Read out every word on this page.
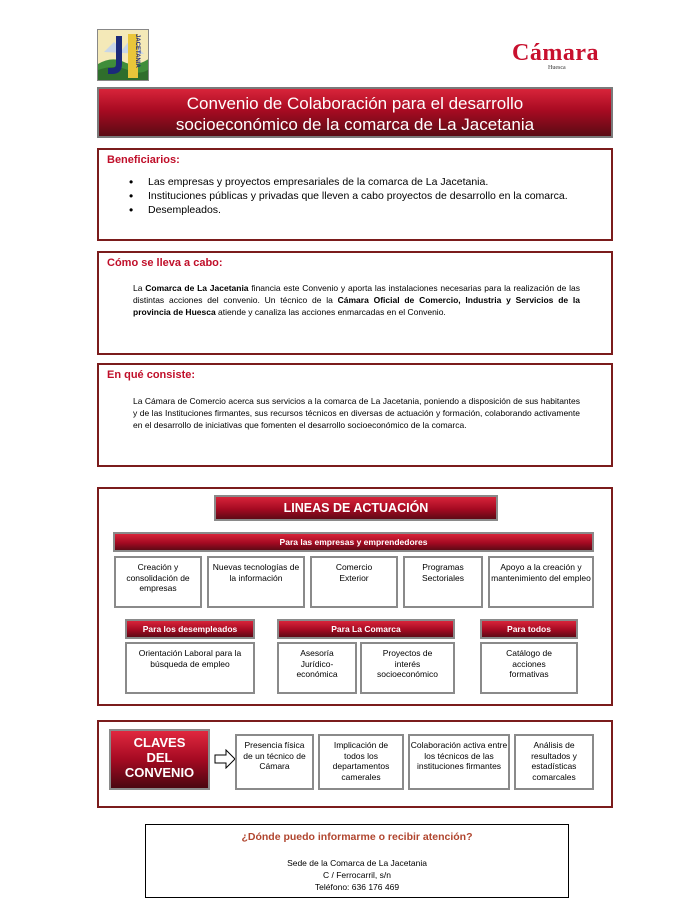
JACETANIA	Cámara
Huesca
Convenio de Colaboración para el desarrollo
socioeconómico de la comarca de La Jacetania
Beneficiarios:
• Las empresas y proyectos empresariales de la comarca de La Jacetania.
• Instituciones públicas y privadas que lleven a cabo proyectos de desarrollo en la comarca.
• Desempleados.
Cómo se lleva a cabo:
La Comarca de La Jacetania financia este Convenio y aporta las instalaciones necesarias para la realización de las distintas acciones del convenio. Un técnico de la Cámara Oficial de Comercio, Industria y Servicios de la provincia de Huesca atiende y canaliza las acciones enmarcadas en el Convenio.
En qué consiste:
La Cámara de Comercio acerca sus servicios a la comarca de La Jacetania, poniendo a disposición de sus habitantes y de las Instituciones firmantes, sus recursos técnicos en diversas de actuación y formación, colaborando activamente en el desarrollo de iniciativas que fomenten el desarrollo socioeconómico de la comarca.
LINEAS DE ACTUACIÓN
Para las empresas y emprendedores
Creación y consolidación de empresas
Nuevas tecnologías de la información
Comercio Exterior
Programas Sectoriales
Apoyo a la creación y mantenimiento del empleo
Para los desempleados	Para La Comarca	Para todos
Orientación Laboral para la búsqueda de empleo
Asesoría Jurídico-económica
Proyectos de interés socioeconómico
Catálogo de acciones formativas
CLAVES
DEL
CONVENIO
Presencia física de un técnico de Cámara
Implicación de todos los departamentos camerales
Colaboración activa entre los técnicos de las instituciones firmantes
Análisis de resultados y estadísticas comarcales
¿Dónde puedo informarme o recibir atención?
Sede de la Comarca de La Jacetania
C / Ferrocarril, s/n
Teléfono: 636 176 469
